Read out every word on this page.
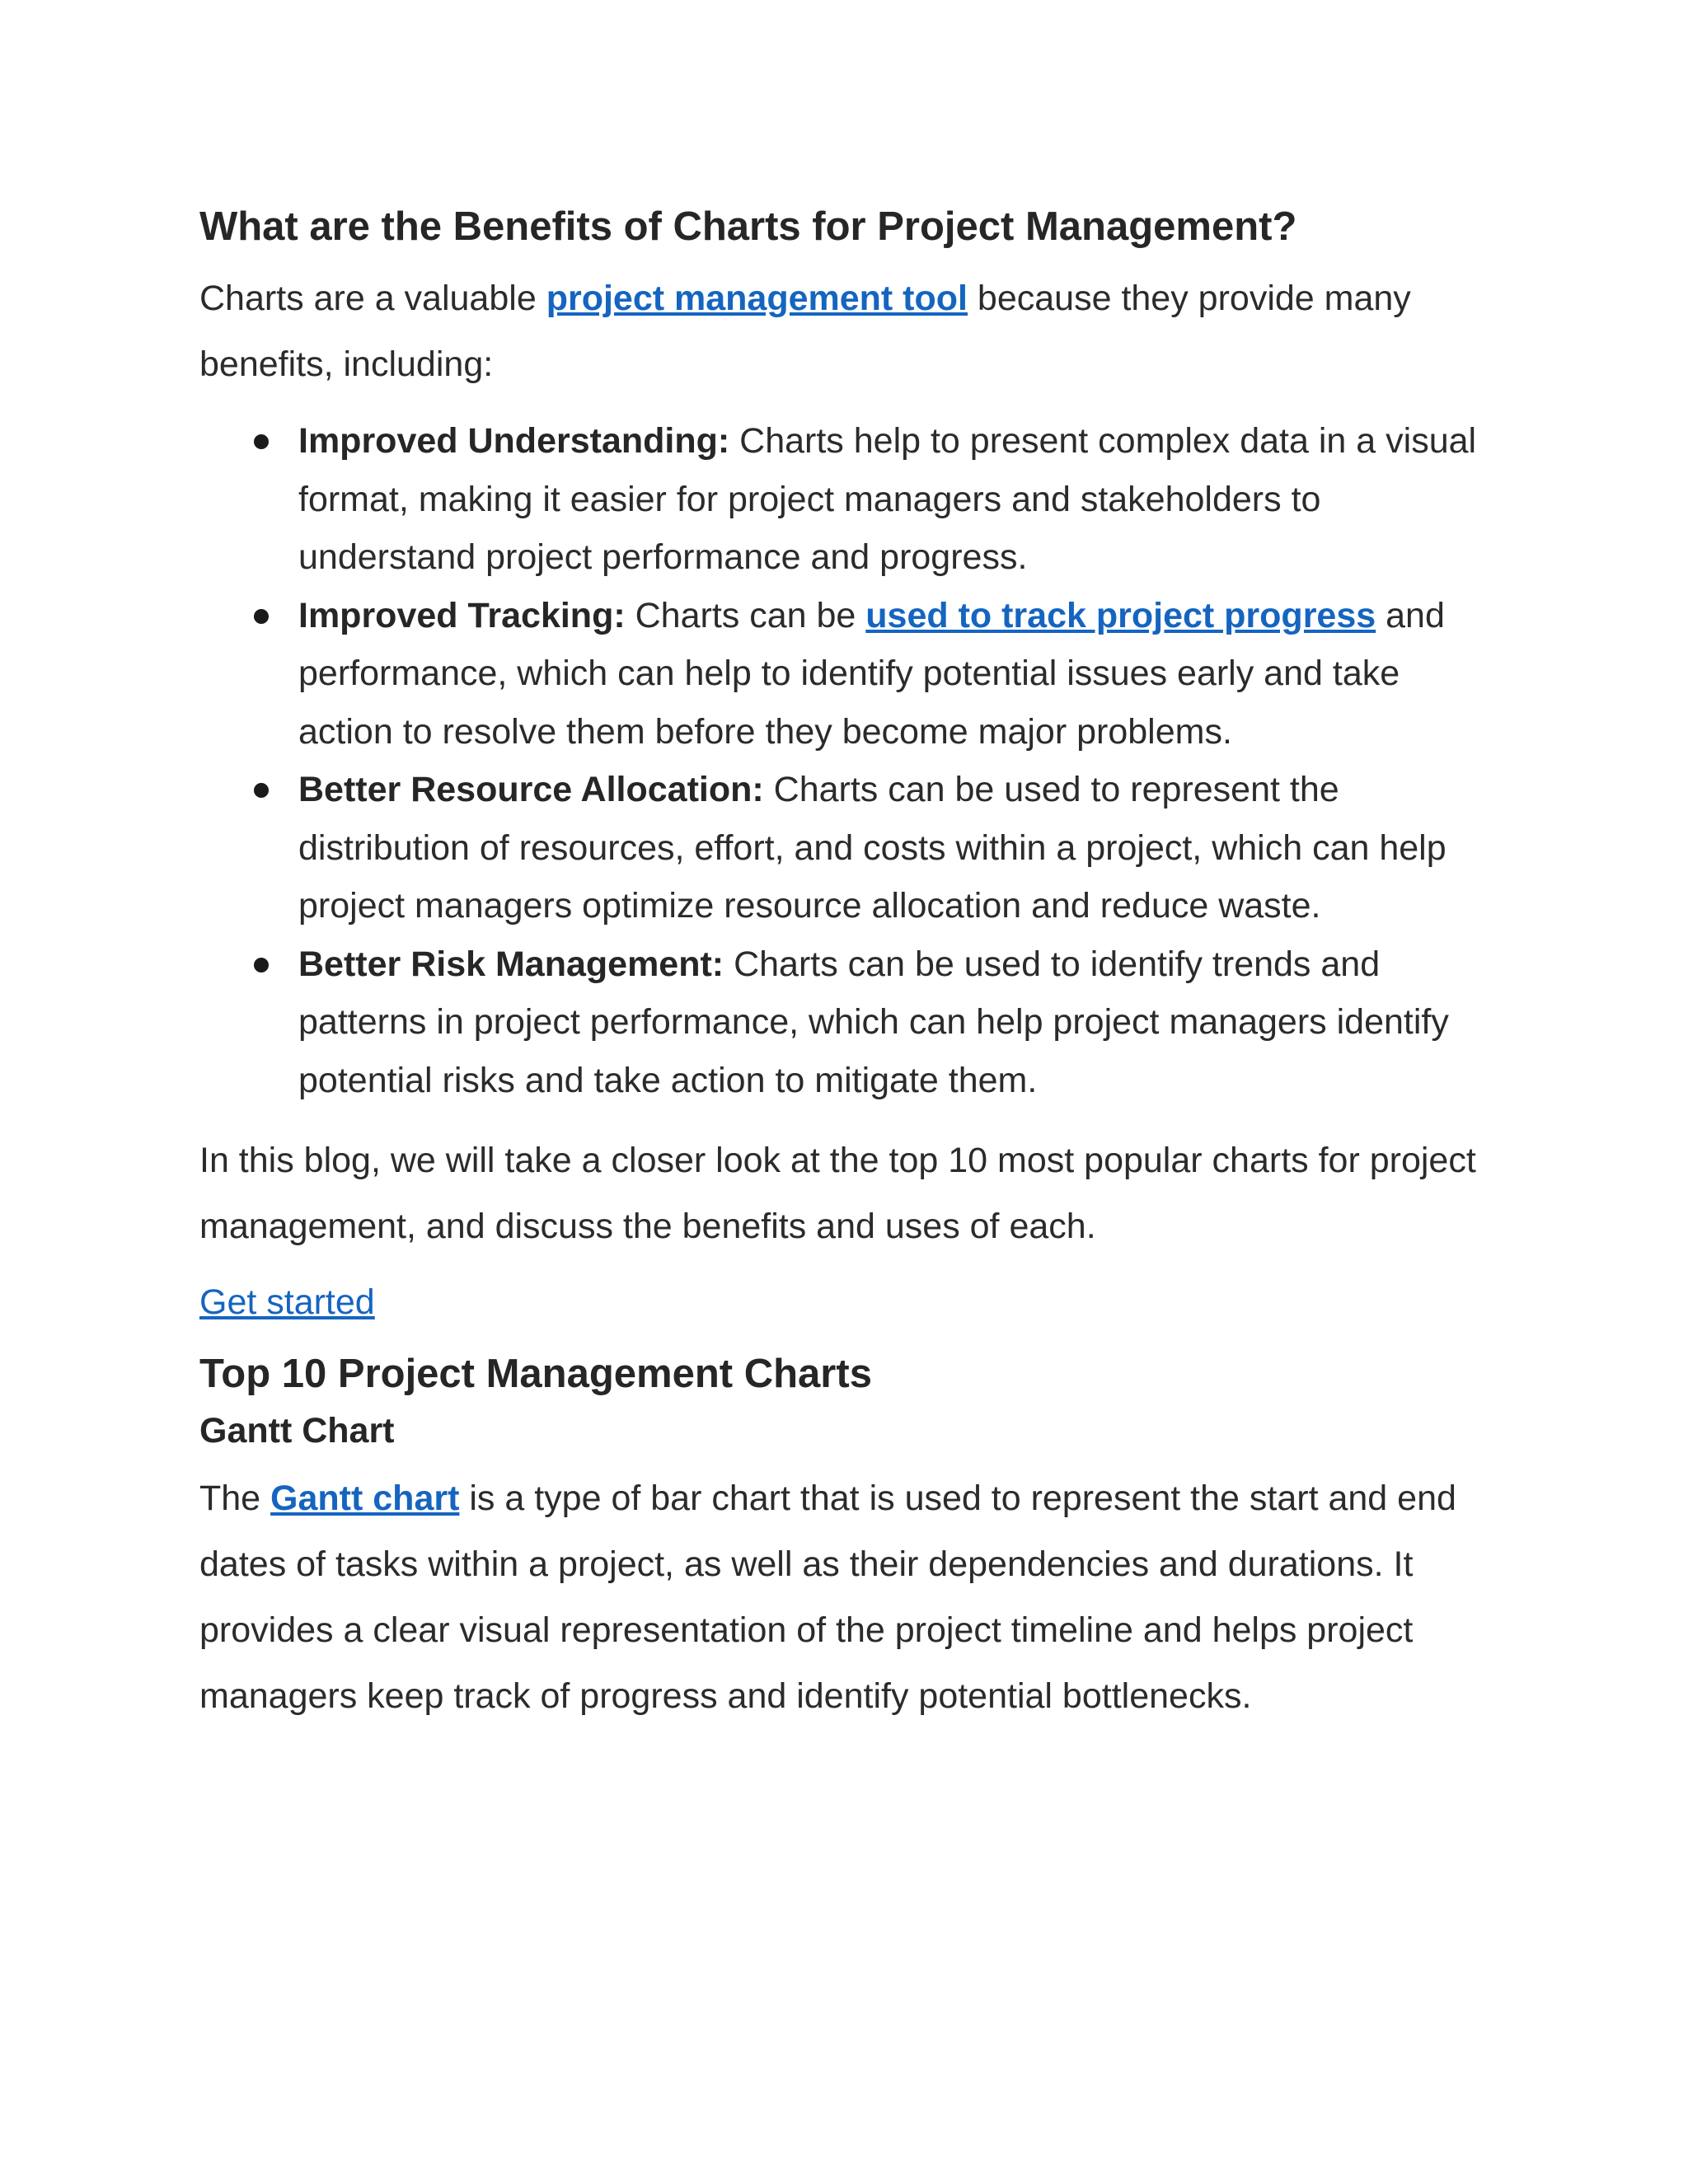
What are the Benefits of Charts for Project Management?

Charts are a valuable project management tool because they provide many benefits, including:

Improved Understanding: Charts help to present complex data in a visual format, making it easier for project managers and stakeholders to understand project performance and progress.
Improved Tracking: Charts can be used to track project progress and performance, which can help to identify potential issues early and take action to resolve them before they become major problems.
Better Resource Allocation: Charts can be used to represent the distribution of resources, effort, and costs within a project, which can help project managers optimize resource allocation and reduce waste.
Better Risk Management: Charts can be used to identify trends and patterns in project performance, which can help project managers identify potential risks and take action to mitigate them.

In this blog, we will take a closer look at the top 10 most popular charts for project management, and discuss the benefits and uses of each.

Get started

Top 10 Project Management Charts
Gantt Chart

The Gantt chart is a type of bar chart that is used to represent the start and end dates of tasks within a project, as well as their dependencies and durations. It provides a clear visual representation of the project timeline and helps project managers keep track of progress and identify potential bottlenecks.
